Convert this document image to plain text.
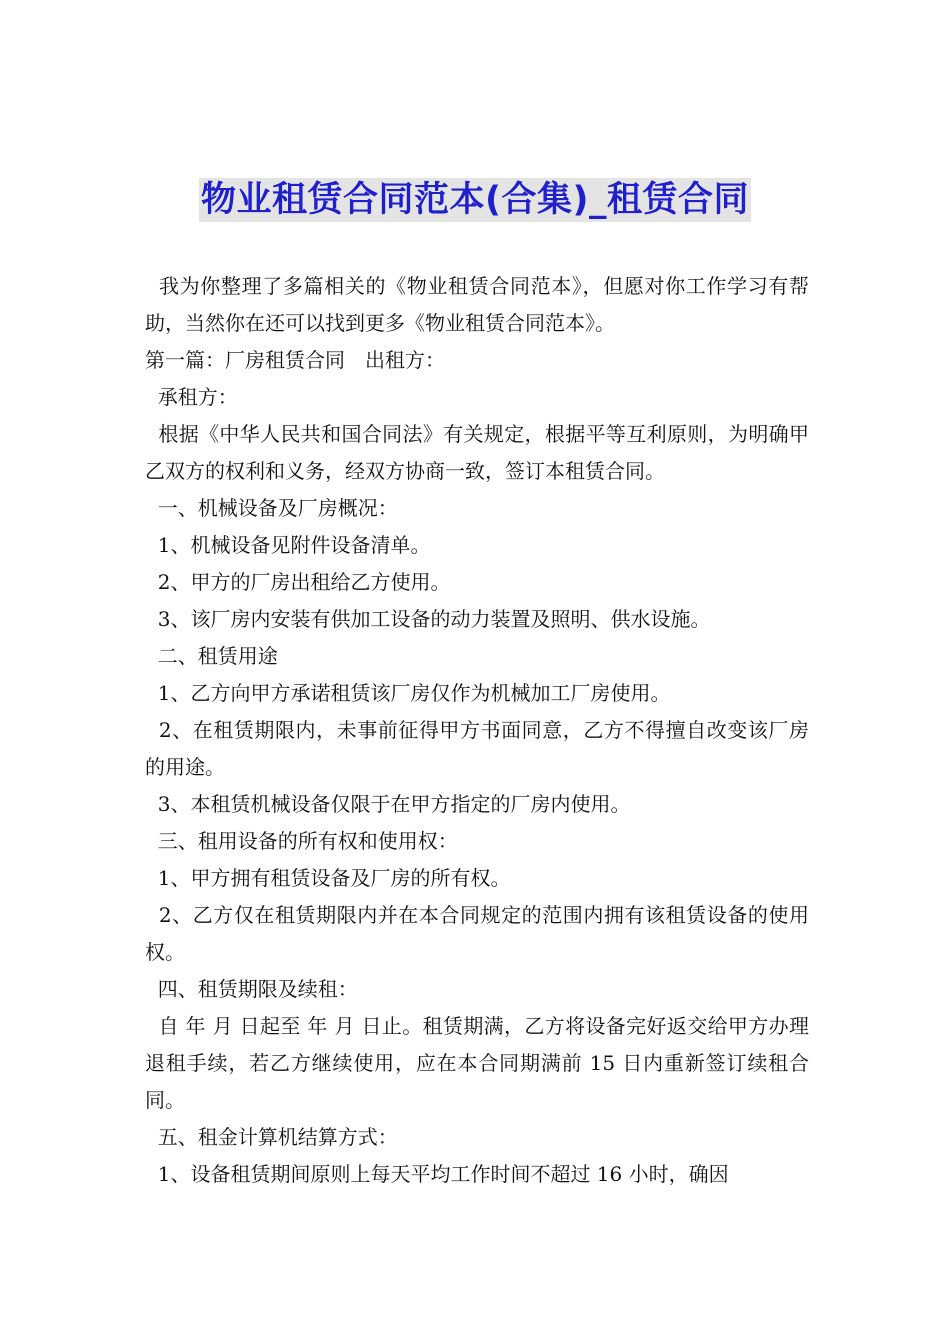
物业租赁合同范本(合集)_租赁合同

我为你整理了多篇相关的《物业租赁合同范本》，但愿对你工作学习有帮助，当然你在还可以找到更多《物业租赁合同范本》。

第一篇：厂房租赁合同　出租方：

承租方：

根据《中华人民共和国合同法》有关规定，根据平等互利原则，为明确甲乙双方的权利和义务，经双方协商一致，签订本租赁合同。

一、机械设备及厂房概况：

1、机械设备见附件设备清单。

2、甲方的厂房出租给乙方使用。

3、该厂房内安装有供加工设备的动力装置及照明、供水设施。

二、租赁用途

1、乙方向甲方承诺租赁该厂房仅作为机械加工厂房使用。

2、在租赁期限内，未事前征得甲方书面同意，乙方不得擅自改变该厂房的用途。

3、本租赁机械设备仅限于在甲方指定的厂房内使用。

三、租用设备的所有权和使用权：

1、甲方拥有租赁设备及厂房的所有权。

2、乙方仅在租赁期限内并在本合同规定的范围内拥有该租赁设备的使用权。

四、租赁期限及续租：

自 年 月 日起至 年 月 日止。租赁期满，乙方将设备完好返交给甲方办理退租手续，若乙方继续使用，应在本合同期满前 15 日内重新签订续租合同。

五、租金计算机结算方式：

1、设备租赁期间原则上每天平均工作时间不超过 16 小时，确因
